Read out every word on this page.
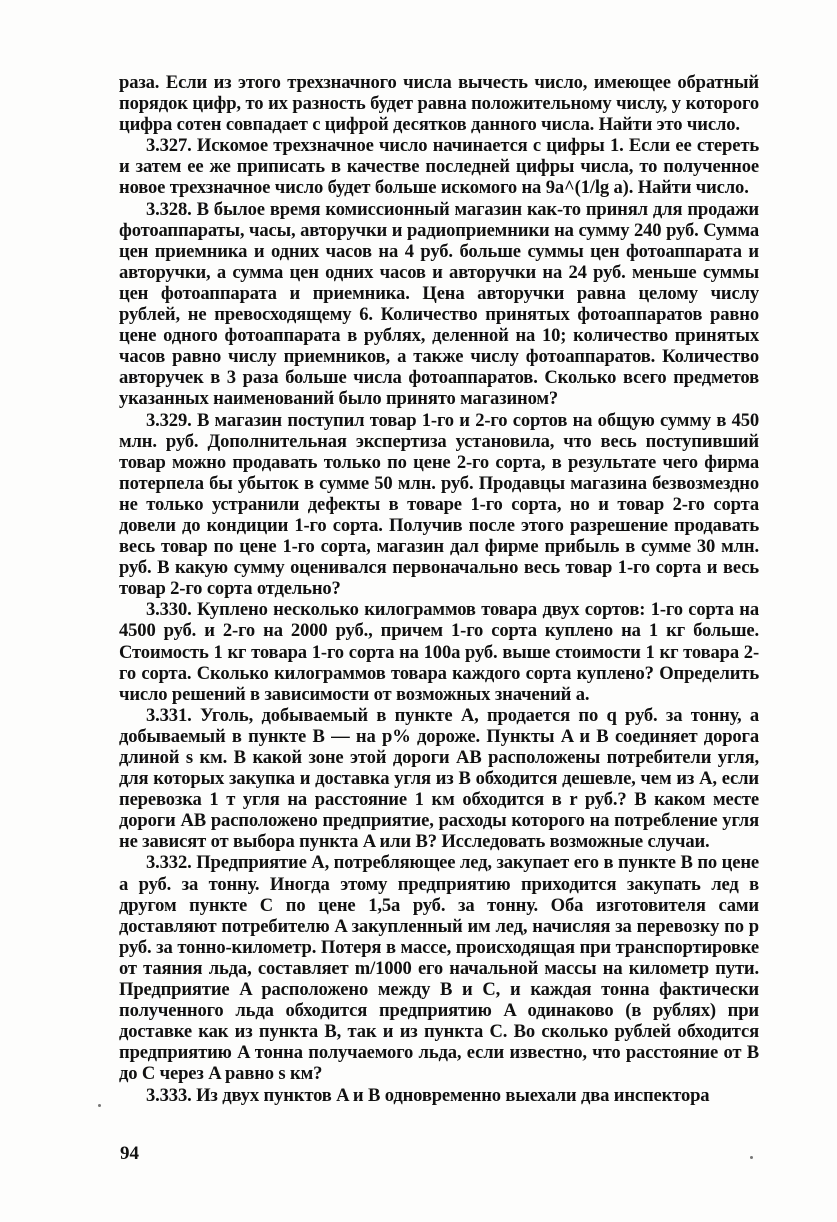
раза. Если из этого трехзначного числа вычесть число, имеющее обратный порядок цифр, то их разность будет равна положительному числу, у которого цифра сотен совпадает с цифрой десятков данного числа. Найти это число.

3.327. Искомое трехзначное число начинается с цифры 1. Если ее стереть и затем ее же приписать в качестве последней цифры числа, то полученное новое трехзначное число будет больше искомого на 9a^(1/lg a). Найти число.

3.328. В былое время комиссионный магазин как-то принял для продажи фотоаппараты, часы, авторучки и радиоприемники на сумму 240 руб. Сумма цен приемника и одних часов на 4 руб. больше суммы цен фотоаппарата и авторучки, а сумма цен одних часов и авторучки на 24 руб. меньше суммы цен фотоаппарата и приемника. Цена авторучки равна целому числу рублей, не превосходящему 6. Количество принятых фотоаппаратов равно цене одного фотоаппарата в рублях, деленной на 10; количество принятых часов равно числу приемников, а также числу фотоаппаратов. Количество авторучек в 3 раза больше числа фотоаппаратов. Сколько всего предметов указанных наименований было принято магазином?

3.329. В магазин поступил товар 1-го и 2-го сортов на общую сумму в 450 млн. руб. Дополнительная экспертиза установила, что весь поступивший товар можно продавать только по цене 2-го сорта, в результате чего фирма потерпела бы убыток в сумме 50 млн. руб. Продавцы магазина безвозмездно не только устранили дефекты в товаре 1-го сорта, но и товар 2-го сорта довели до кондиции 1-го сорта. Получив после этого разрешение продавать весь товар по цене 1-го сорта, магазин дал фирме прибыль в сумме 30 млн. руб. В какую сумму оценивался первоначально весь товар 1-го сорта и весь товар 2-го сорта отдельно?

3.330. Куплено несколько килограммов товара двух сортов: 1-го сорта на 4500 руб. и 2-го на 2000 руб., причем 1-го сорта куплено на 1 кг больше. Стоимость 1 кг товара 1-го сорта на 100a руб. выше стоимости 1 кг товара 2-го сорта. Сколько килограммов товара каждого сорта куплено? Определить число решений в зависимости от возможных значений a.

3.331. Уголь, добываемый в пункте A, продается по q руб. за тонну, а добываемый в пункте B — на p% дороже. Пункты A и B соединяет дорога длиной s км. В какой зоне этой дороги AB расположены потребители угля, для которых закупка и доставка угля из B обходится дешевле, чем из A, если перевозка 1 т угля на расстояние 1 км обходится в r руб.? В каком месте дороги AB расположено предприятие, расходы которого на потребление угля не зависят от выбора пункта A или B? Исследовать возможные случаи.

3.332. Предприятие A, потребляющее лед, закупает его в пункте B по цене a руб. за тонну. Иногда этому предприятию приходится закупать лед в другом пункте C по цене 1,5a руб. за тонну. Оба изготовителя сами доставляют потребителю A закупленный им лед, начисляя за перевозку по p руб. за тонно-километр. Потеря в массе, происходящая при транспортировке от таяния льда, составляет m/1000 его начальной массы на километр пути. Предприятие A расположено между B и C, и каждая тонна фактически полученного льда обходится предприятию A одинаково (в рублях) при доставке как из пункта B, так и из пункта C. Во сколько рублей обходится предприятию A тонна получаемого льда, если известно, что расстояние от B до C через A равно s км?

3.333. Из двух пунктов A и B одновременно выехали два инспектора

94
